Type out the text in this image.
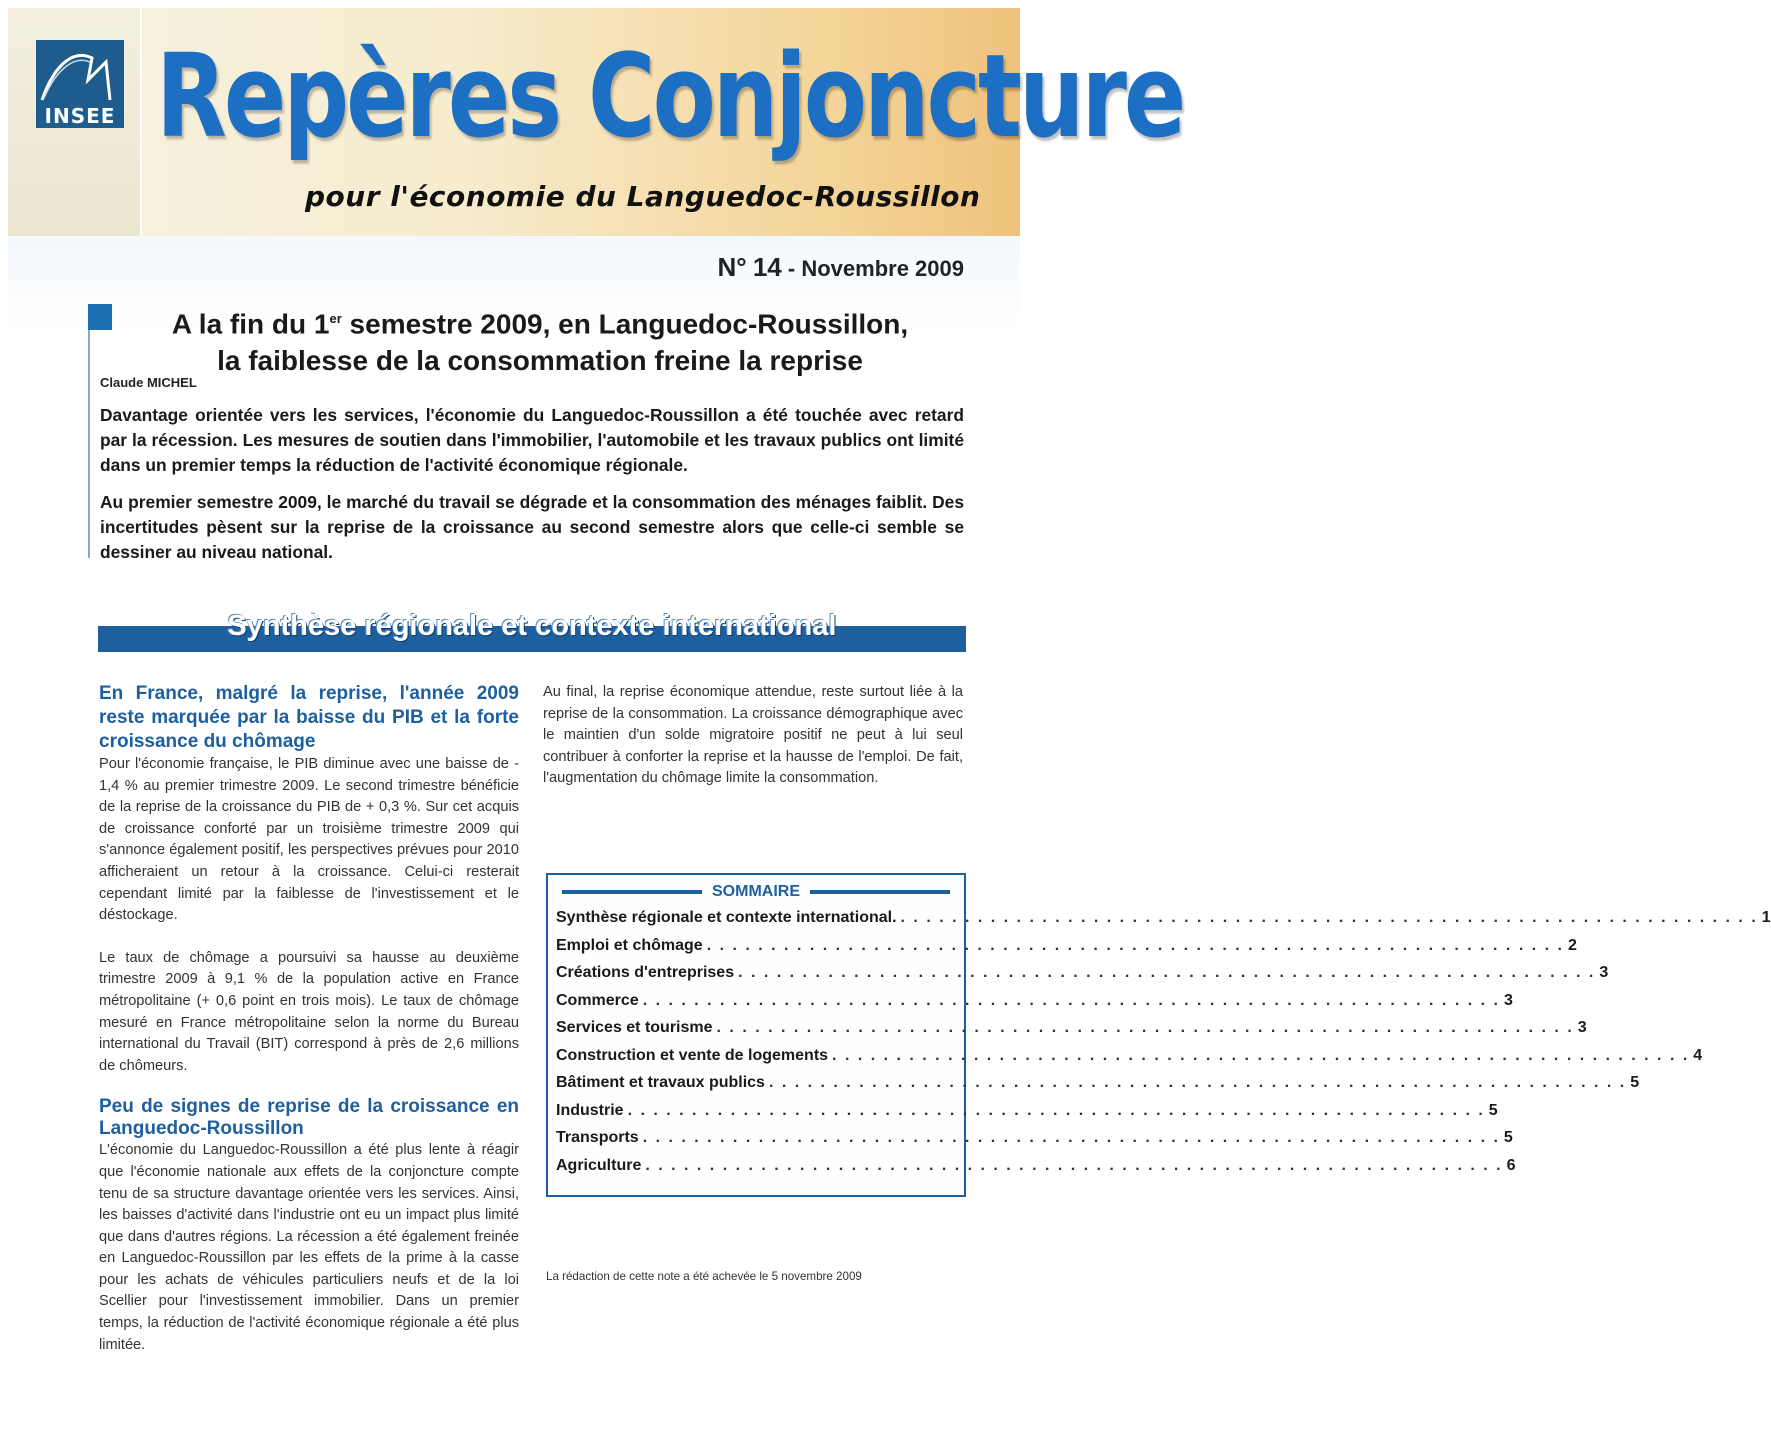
INSEE Repères Conjoncture
pour l'économie du Languedoc-Roussillon
N° 14 - Novembre 2009
A la fin du 1er semestre 2009, en Languedoc-Roussillon,
la faiblesse de la consommation freine la reprise
Claude MICHEL

Davantage orientée vers les services, l'économie du Languedoc-Roussillon a été touchée avec retard par la récession. Les mesures de soutien dans l'immobilier, l'automobile et les travaux publics ont limité dans un premier temps la réduction de l'activité économique régionale.

Au premier semestre 2009, le marché du travail se dégrade et la consommation des ménages faiblit. Des incertitudes pèsent sur la reprise de la croissance au second semestre alors que celle-ci semble se dessiner au niveau national.

Synthèse régionale et contexte international
En France, malgré la reprise, l'année 2009 reste marquée par la baisse du PIB et la forte croissance du chômage

Pour l'économie française, le PIB diminue avec une baisse de - 1,4 % au premier trimestre 2009. Le second trimestre bénéficie de la reprise de la croissance du PIB de + 0,3 %. Sur cet acquis de croissance conforté par un troisième trimestre 2009 qui s'annonce également positif, les perspectives prévues pour 2010 afficheraient un retour à la croissance. Celui-ci resterait cependant limité par la faiblesse de l'investissement et le déstockage.

Le taux de chômage a poursuivi sa hausse au deuxième trimestre 2009 à 9,1 % de la population active en France métropolitaine (+ 0,6 point en trois mois). Le taux de chômage mesuré en France métropolitaine selon la norme du Bureau international du Travail (BIT) correspond à près de 2,6 millions de chômeurs.

Peu de signes de reprise de la croissance en Languedoc-Roussillon

L'économie du Languedoc-Roussillon a été plus lente à réagir que l'économie nationale aux effets de la conjoncture compte tenu de sa structure davantage orientée vers les services. Ainsi, les baisses d'activité dans l'industrie ont eu un impact plus limité que dans d'autres régions. La récession a été également freinée en Languedoc-Roussillon par les effets de la prime à la casse pour les achats de véhicules particuliers neufs et de la loi Scellier pour l'investissement immobilier. Dans un premier temps, la réduction de l'activité économique régionale a été plus limitée.

Au final, la reprise économique attendue, reste surtout liée à la reprise de la consommation. La croissance démographique avec le maintien d'un solde migratoire positif ne peut à lui seul contribuer à conforter la reprise et la hausse de l'emploi. De fait, l'augmentation du chômage limite la consommation.

SOMMAIRE
Synthèse régionale et contexte international. . . .	1
Emploi et chômage . . .	2
Créations d'entreprises . . .	3
Commerce . . .	3
Services et tourisme . . .	3
Construction et vente de logements . . .	4
Bâtiment et travaux publics . . .	5
Industrie . . .	5
Transports . . .	5
Agriculture . . .	6
La rédaction de cette note a été achevée le 5 novembre 2009
